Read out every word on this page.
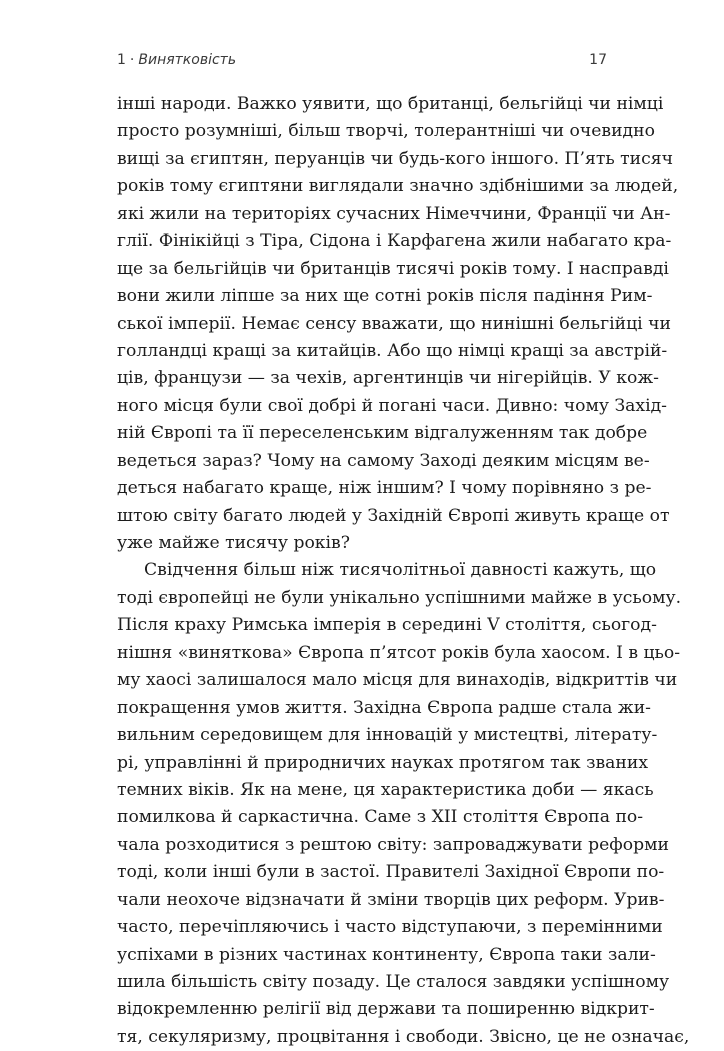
1 · Винятковість	17
інші народи. Важко уявити, що британці, бельгійці чи німці
просто розумніші, більш творчі, толерантніші чи очевидно
вищі за єгиптян, перуанців чи будь-кого іншого. П’ять тисяч
років тому єгиптяни виглядали значно здібнішими за людей,
які жили на територіях сучасних Німеччини, Франції чи Ан-
глії. Фінікійці з Тіра, Сідона і Карфагена жили набагато кра-
ще за бельгійців чи британців тисячі років тому. І насправді
вони жили ліпше за них ще сотні років після падіння Рим-
ської імперії. Немає сенсу вважати, що нинішні бельгійці чи
голландці кращі за китайців. Або що німці кращі за австрій-
ців, французи — за чехів, аргентинців чи нігерійців. У кож-
ного місця були свої добрі й погані часи. Дивно: чому Захід-
ній Європі та її переселенським відгалуженням так добре
ведеться зараз? Чому на самому Заході деяким місцям ве-
деться набагато краще, ніж іншим? І чому порівняно з ре-
штою світу багато людей у Західній Європі живуть краще от
уже майже тисячу років?
Свідчення більш ніж тисячолітньої давності кажуть, що
тоді європейці не були унікально успішними майже в усьому.
Після краху Римська імперія в середині V століття, сьогод-
нішня «виняткова» Європа п’ятсот років була хаосом. І в цьо-
му хаосі залишалося мало місця для винаходів, відкриттів чи
покращення умов життя. Західна Європа радше стала жи-
вильним середовищем для інновацій у мистецтві, літерату-
рі, управлінні й природничих науках протягом так званих
темних віків. Як на мене, ця характеристика доби — якась
помилкова й саркастична. Саме з XII століття Європа по-
чала розходитися з рештою світу: запроваджувати реформи
тоді, коли інші були в застої. Правителі Західної Європи по-
чали неохоче відзначати й зміни творців цих реформ. Урив-
часто, перечіпляючись і часто відступаючи, з перемінними
успіхами в різних частинах континенту, Європа таки зали-
шила більшість світу позаду. Це сталося завдяки успішному
відокремленню релігії від держави та поширенню відкрит-
тя, секуляризму, процвітання і свободи. Звісно, це не означає,
